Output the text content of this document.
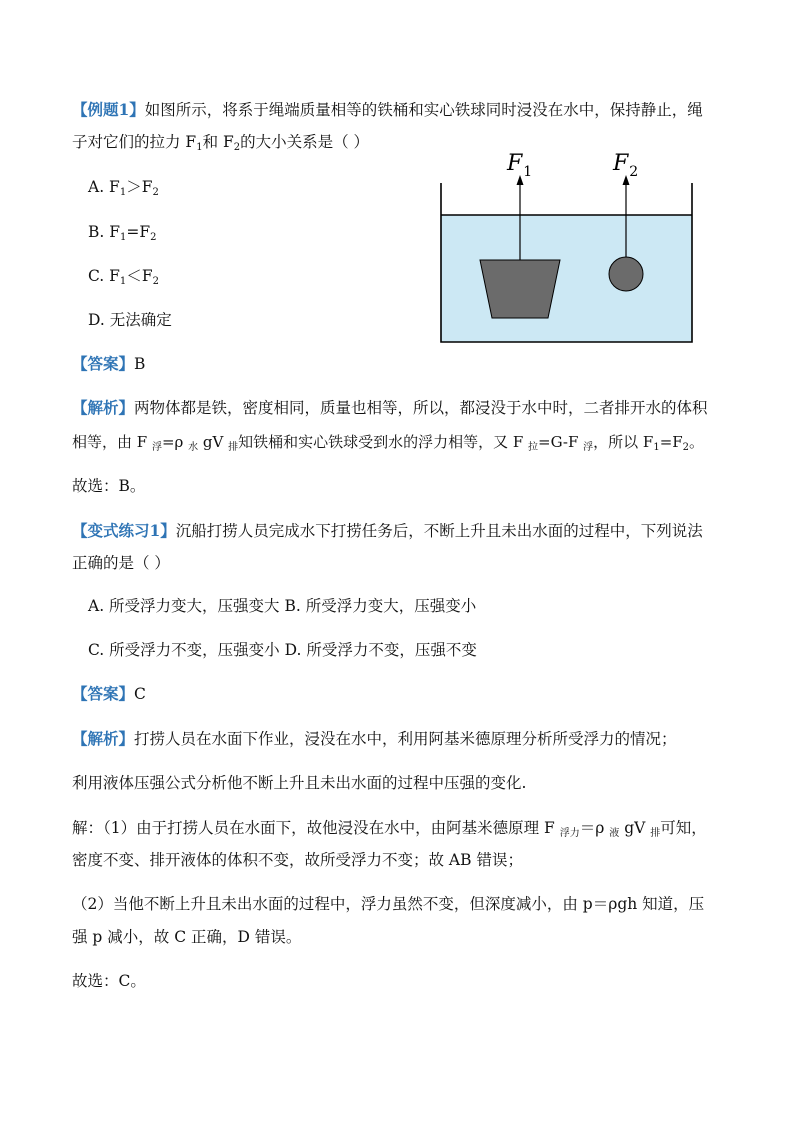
【例题1】如图所示，将系于绳端质量相等的铁桶和实心铁球同时浸没在水中，保持静止，绳
子对它们的拉力 $F_1$和 $F_2$的大小关系是（ ）
A. $F_1>F_2$
B. $F_1=F_2$
C. $F_1<F_2$
D. 无法确定
$F_1$	$F_2$
【答案】B
【解析】两物体都是铁，密度相同，质量也相等，所以，都浸没于水中时，二者排开水的体积
相等，由 F $_浮$=ρ $_水$ gV $_排$知铁桶和实心铁球受到水的浮力相等，又 F $_拉$=G-F $_浮$，所以 $F_1=F_2$。
故选：B。
【变式练习1】沉船打捞人员完成水下打捞任务后，不断上升且未出水面的过程中，下列说法
正确的是（ ）
A. 所受浮力变大，压强变大 B. 所受浮力变大，压强变小
C. 所受浮力不变，压强变小 D. 所受浮力不变，压强不变
【答案】C
【解析】打捞人员在水面下作业，浸没在水中，利用阿基米德原理分析所受浮力的情况；
利用液体压强公式分析他不断上升且未出水面的过程中压强的变化.
解：（1）由于打捞人员在水面下，故他浸没在水中，由阿基米德原理 F $_{浮力}$＝ρ $_液$ gV $_排$可知，
密度不变、排开液体的体积不变，故所受浮力不变；故 AB 错误；
（2）当他不断上升且未出水面的过程中，浮力虽然不变，但深度减小，由 p＝ρgh 知道，压
强 p 减小，故 C 正确，D 错误。
故选：C。
